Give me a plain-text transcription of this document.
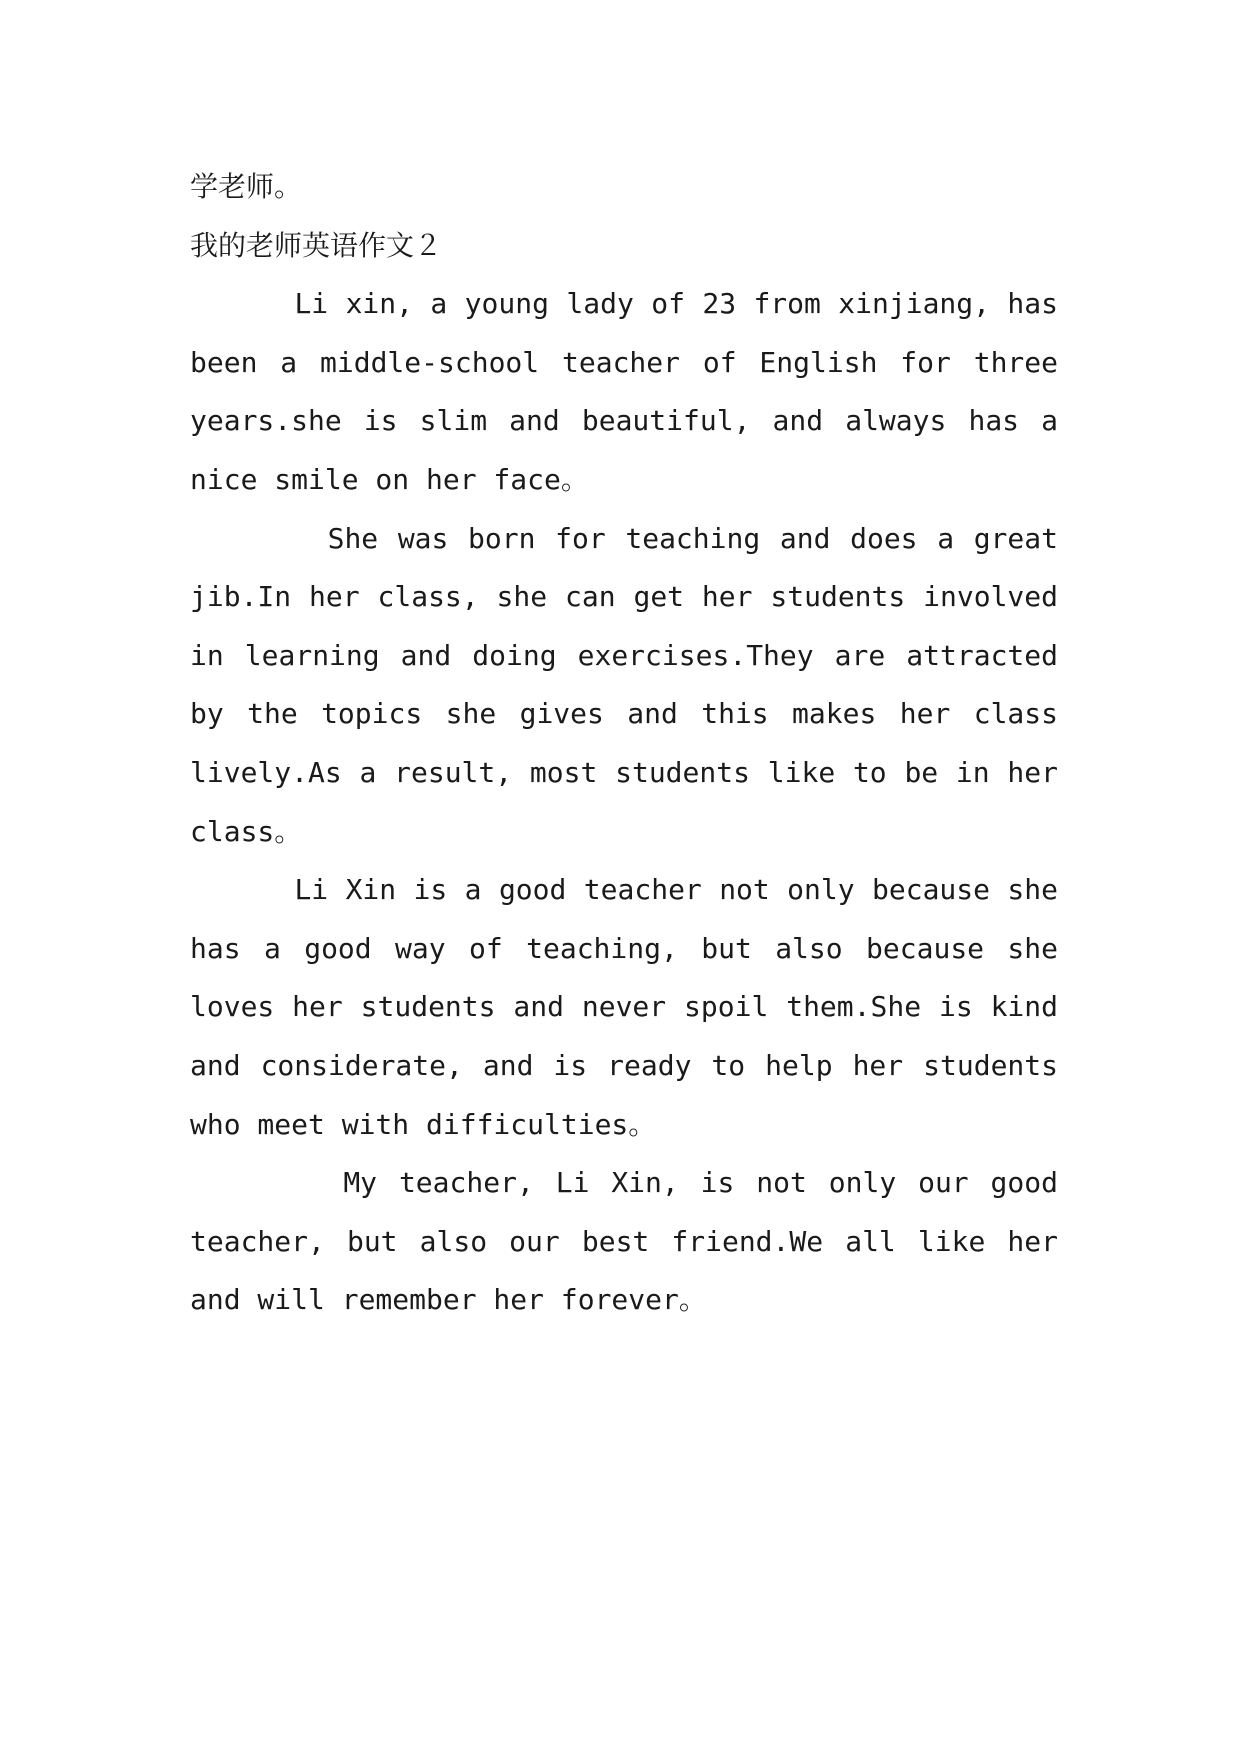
学老师。

我的老师英语作文２

Li xin, a young lady of 23 from xinjiang, has been a middle-school teacher of English for three years.she is slim and beautiful, and always has a nice smile on her face。

She was born for teaching and does a great jib.In her class, she can get her students involved in learning and doing exercises.They are attracted by the topics she gives and this makes her class lively.As a result, most students like to be in her class。

Li Xin is a good teacher not only because she has a good way of teaching, but also because she loves her students and never spoil them.She is kind and considerate, and is ready to help her students who meet with difficulties。

My teacher, Li Xin, is not only our good teacher, but also our best friend.We all like her and will remember her forever。
